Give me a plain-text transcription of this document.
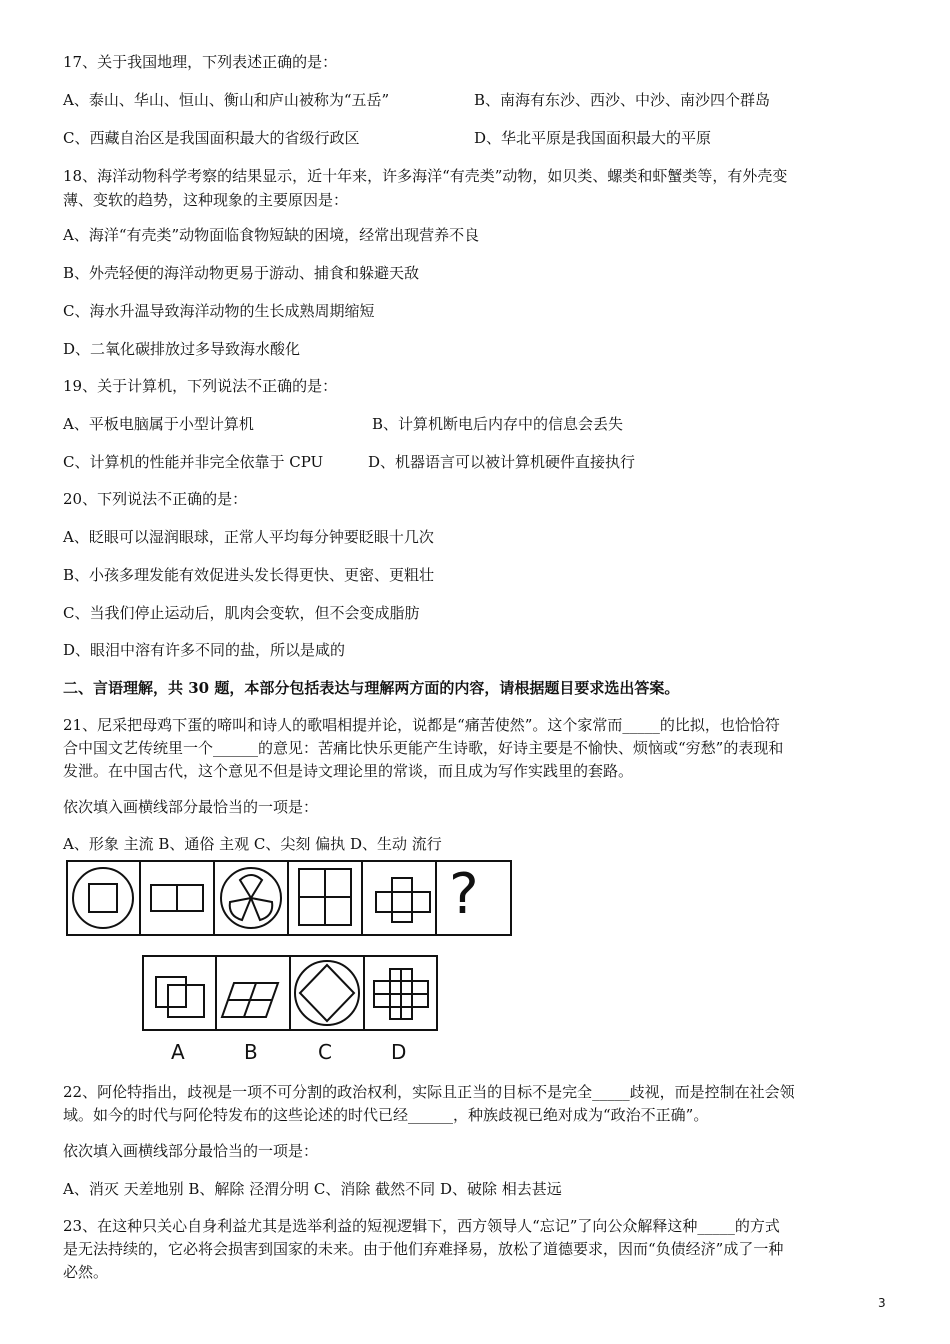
17、关于我国地理，下列表述正确的是：
A、泰山、华山、恒山、衡山和庐山被称为“五岳”	B、南海有东沙、西沙、中沙、南沙四个群岛
C、西藏自治区是我国面积最大的省级行政区	D、华北平原是我国面积最大的平原
18、海洋动物科学考察的结果显示，近十年来，许多海洋“有壳类”动物，如贝类、螺类和虾蟹类等，有外壳变
薄、变软的趋势，这种现象的主要原因是：
A、海洋“有壳类”动物面临食物短缺的困境，经常出现营养不良
B、外壳轻便的海洋动物更易于游动、捕食和躲避天敌
C、海水升温导致海洋动物的生长成熟周期缩短
D、二氧化碳排放过多导致海水酸化
19、关于计算机，下列说法不正确的是：
A、平板电脑属于小型计算机	B、计算机断电后内存中的信息会丢失
C、计算机的性能并非完全依靠于 CPU	D、机器语言可以被计算机硬件直接执行
20、下列说法不正确的是：
A、眨眼可以湿润眼球，正常人平均每分钟要眨眼十几次
B、小孩多理发能有效促进头发长得更快、更密、更粗壮
C、当我们停止运动后，肌肉会变软，但不会变成脂肪
D、眼泪中溶有许多不同的盐，所以是咸的
二、言语理解，共 30 题，本部分包括表达与理解两方面的内容，请根据题目要求选出答案。
21、尼采把母鸡下蛋的啼叫和诗人的歌唱相提并论，说都是“痛苦使然”。这个家常而_____的比拟，也恰恰符
合中国文艺传统里一个______的意见：苦痛比快乐更能产生诗歌，好诗主要是不愉快、烦恼或“穷愁”的表现和
发泄。在中国古代，这个意见不但是诗文理论里的常谈，而且成为写作实践里的套路。
依次填入画横线部分最恰当的一项是：
A、形象 主流 B、通俗 主观 C、尖刻 偏执 D、生动 流行
?
A	B	C	D
22、阿伦特指出，歧视是一项不可分割的政治权利，实际且正当的目标不是完全_____歧视，而是控制在社会领
域。如今的时代与阿伦特发布的这些论述的时代已经______，种族歧视已绝对成为“政治不正确”。
依次填入画横线部分最恰当的一项是：
A、消灭 天差地别 B、解除 泾渭分明 C、消除 截然不同 D、破除 相去甚远
23、在这种只关心自身利益尤其是选举利益的短视逻辑下，西方领导人“忘记”了向公众解释这种_____的方式
是无法持续的，它必将会损害到国家的未来。由于他们弃难择易，放松了道德要求，因而“负债经济”成了一种
必然。
3
